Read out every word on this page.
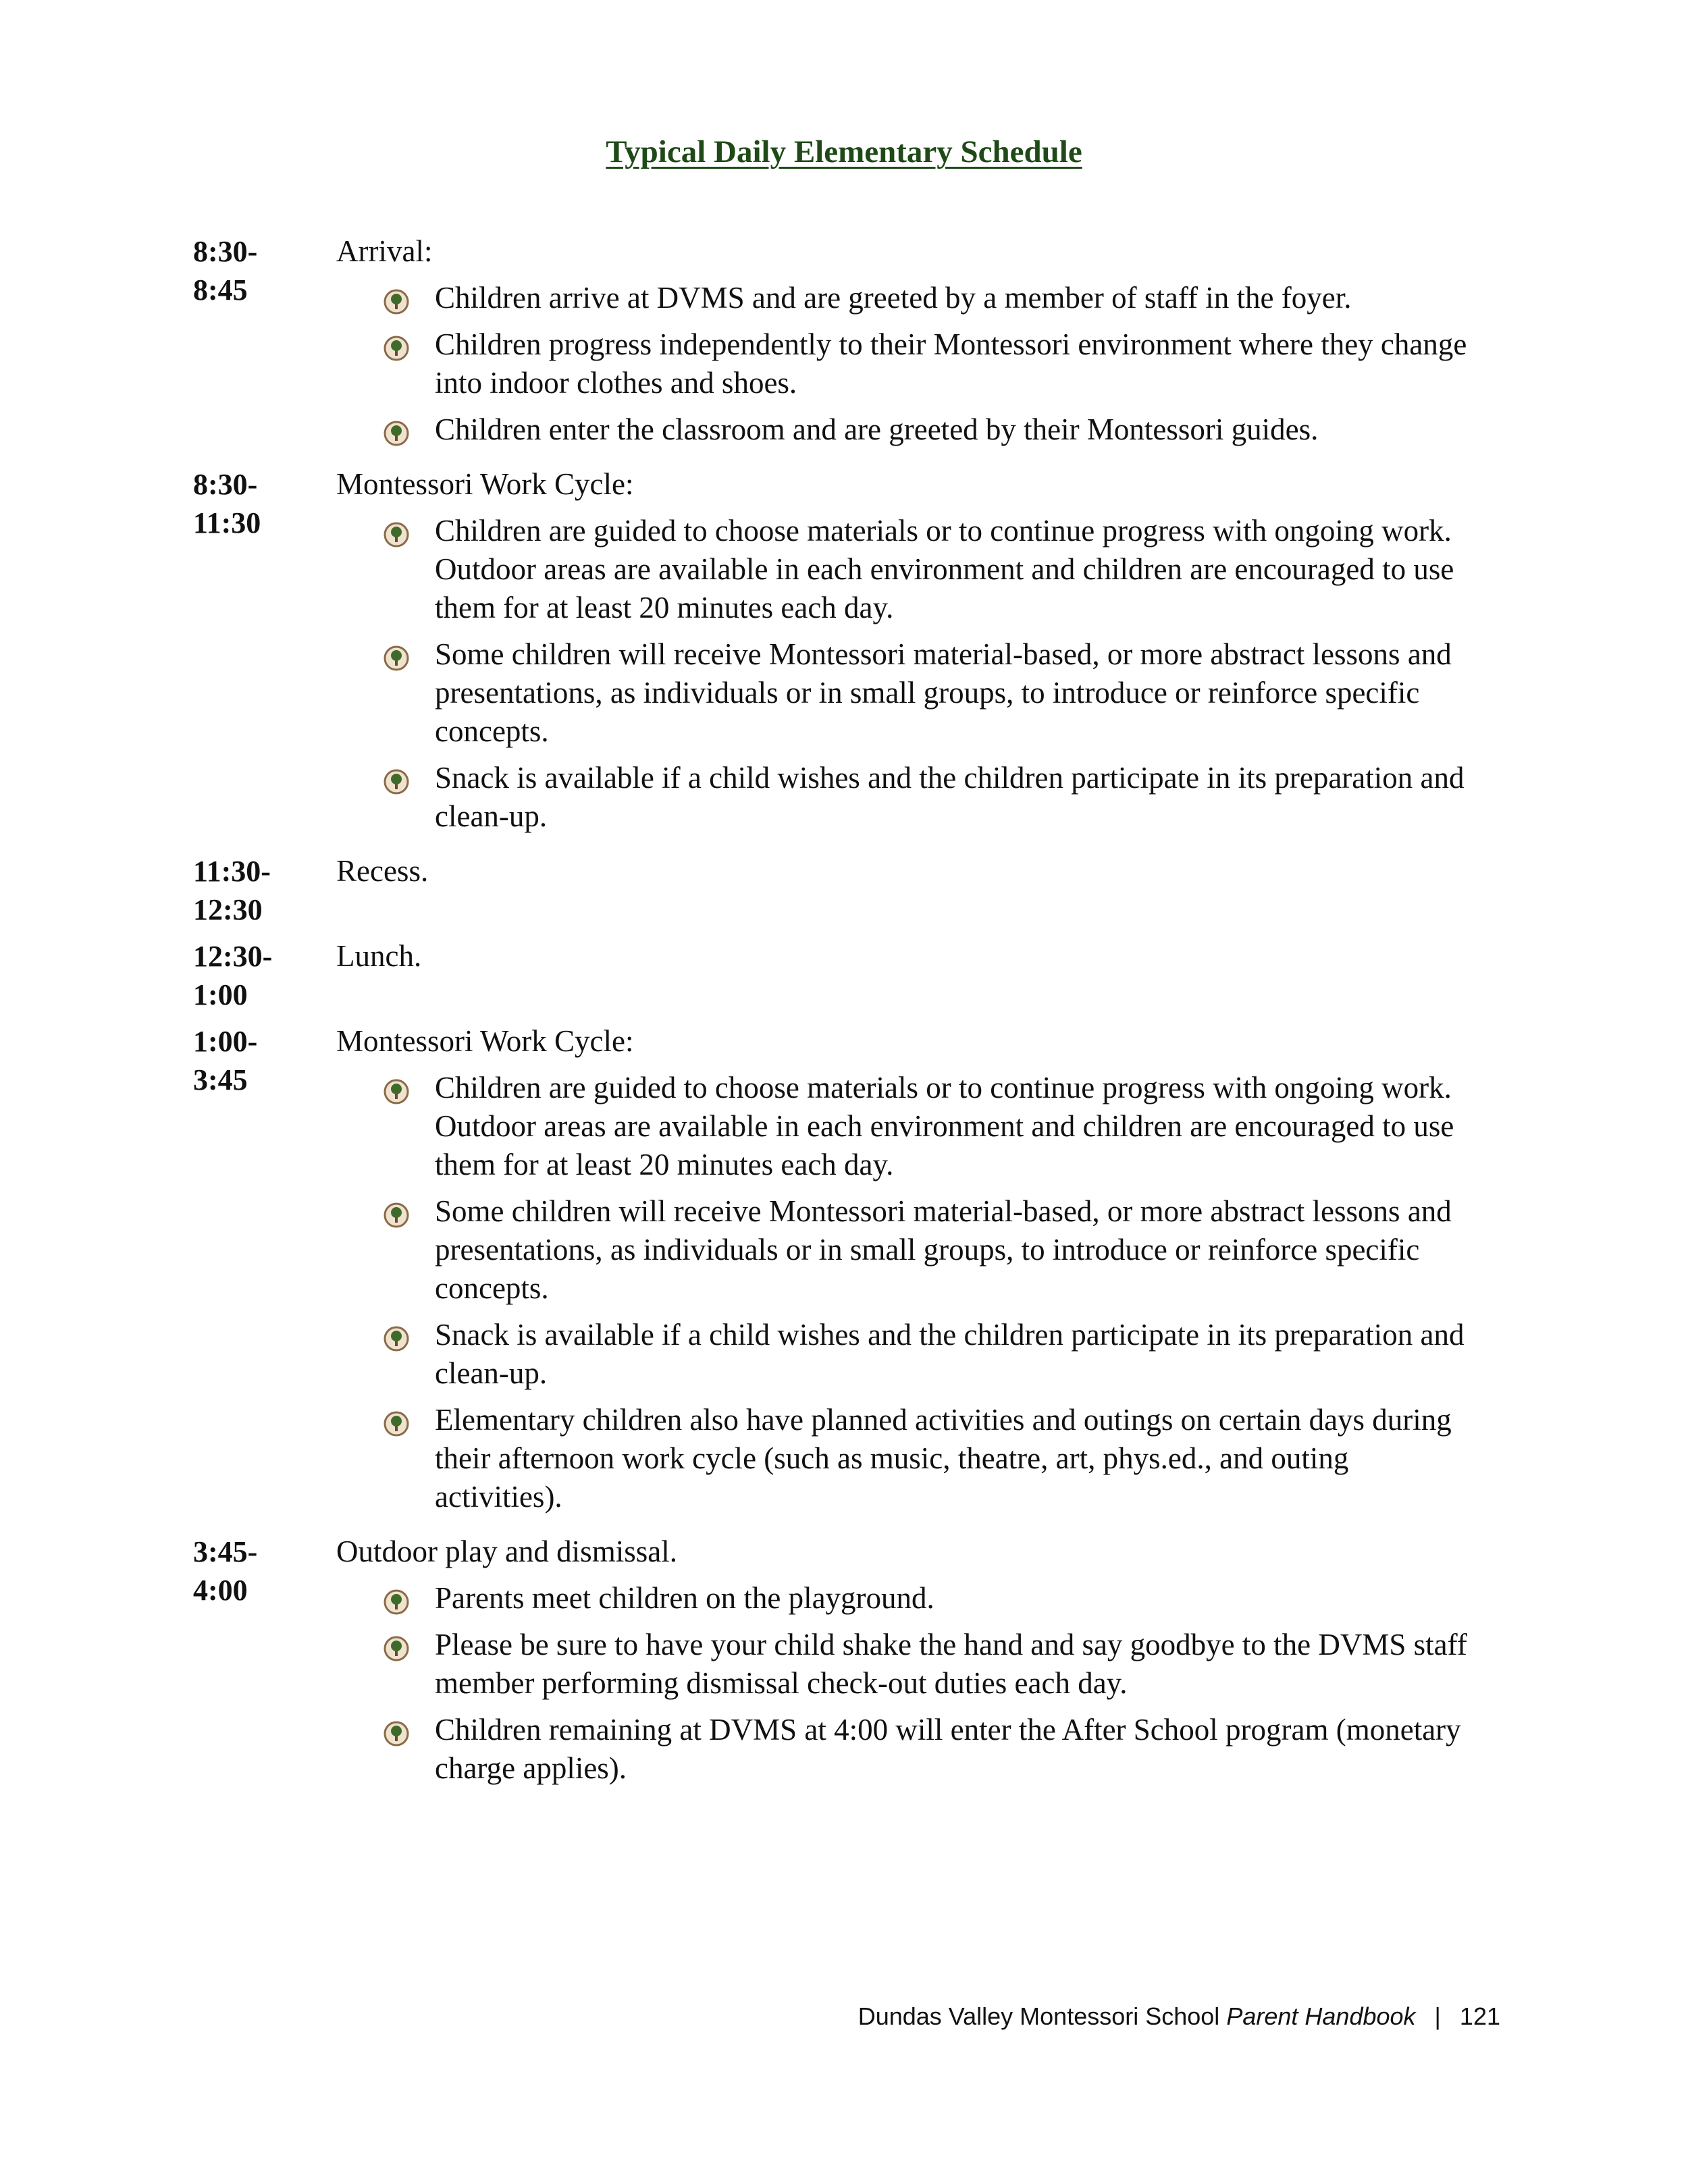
Typical Daily Elementary Schedule
8:30-
8:45
Arrival:
Children arrive at DVMS and are greeted by a member of staff in the foyer.
Children progress independently to their Montessori environment where they change into indoor clothes and shoes.
Children enter the classroom and are greeted by their Montessori guides.
8:30-
11:30
Montessori Work Cycle:
Children are guided to choose materials or to continue progress with ongoing work. Outdoor areas are available in each environment and children are encouraged to use them for at least 20 minutes each day.
Some children will receive Montessori material-based, or more abstract lessons and presentations, as individuals or in small groups, to introduce or reinforce specific concepts.
Snack is available if a child wishes and the children participate in its preparation and clean-up.
11:30-
12:30
Recess.
12:30-
1:00
Lunch.
1:00-
3:45
Montessori Work Cycle:
Children are guided to choose materials or to continue progress with ongoing work. Outdoor areas are available in each environment and children are encouraged to use them for at least 20 minutes each day.
Some children will receive Montessori material-based, or more abstract lessons and presentations, as individuals or in small groups, to introduce or reinforce specific concepts.
Snack is available if a child wishes and the children participate in its preparation and clean-up.
Elementary children also have planned activities and outings on certain days during their afternoon work cycle (such as music, theatre, art, phys.ed., and outing activities).
3:45-
4:00
Outdoor play and dismissal.
Parents meet children on the playground.
Please be sure to have your child shake the hand and say goodbye to the DVMS staff member performing dismissal check-out duties each day.
Children remaining at DVMS at 4:00 will enter the After School program (monetary charge applies).
Dundas Valley Montessori School Parent Handbook | 121
